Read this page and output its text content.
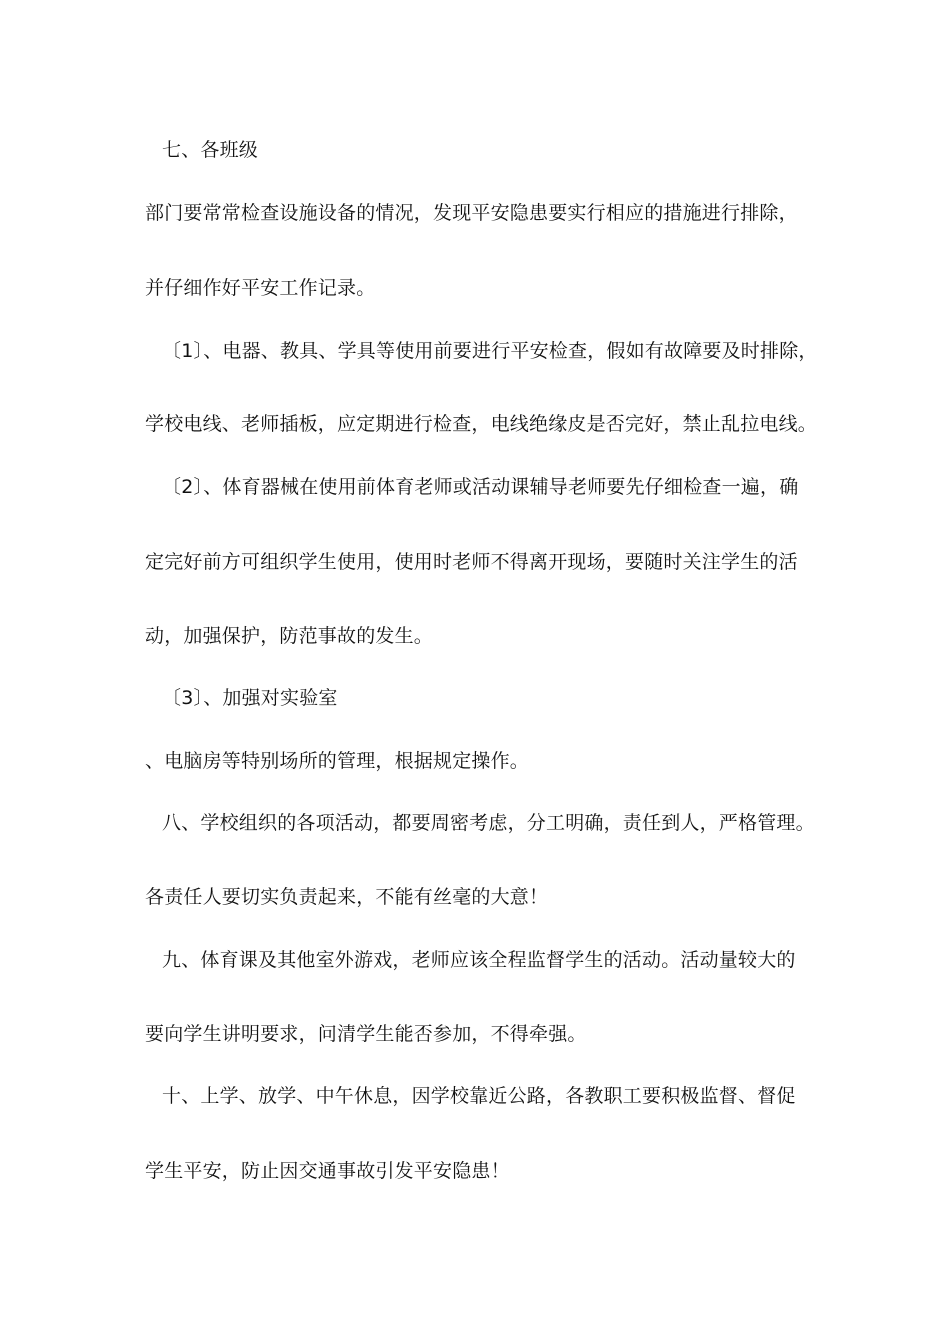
七、各班级
部门要常常检查设施设备的情况，发现平安隐患要实行相应的措施进行排除，
并仔细作好平安工作记录。
〔1〕、电器、教具、学具等使用前要进行平安检查，假如有故障要及时排除，
学校电线、老师插板，应定期进行检查，电线绝缘皮是否完好，禁止乱拉电线。
〔2〕、体育器械在使用前体育老师或活动课辅导老师要先仔细检查一遍，确
定完好前方可组织学生使用，使用时老师不得离开现场，要随时关注学生的活
动，加强保护，防范事故的发生。
〔3〕、加强对实验室
、电脑房等特别场所的管理，根据规定操作。
八、学校组织的各项活动，都要周密考虑，分工明确，责任到人，严格管理。
各责任人要切实负责起来，不能有丝毫的大意！
九、体育课及其他室外游戏，老师应该全程监督学生的活动。活动量较大的
要向学生讲明要求，问清学生能否参加，不得牵强。
十、上学、放学、中午休息，因学校靠近公路，各教职工要积极监督、督促
学生平安，防止因交通事故引发平安隐患！
